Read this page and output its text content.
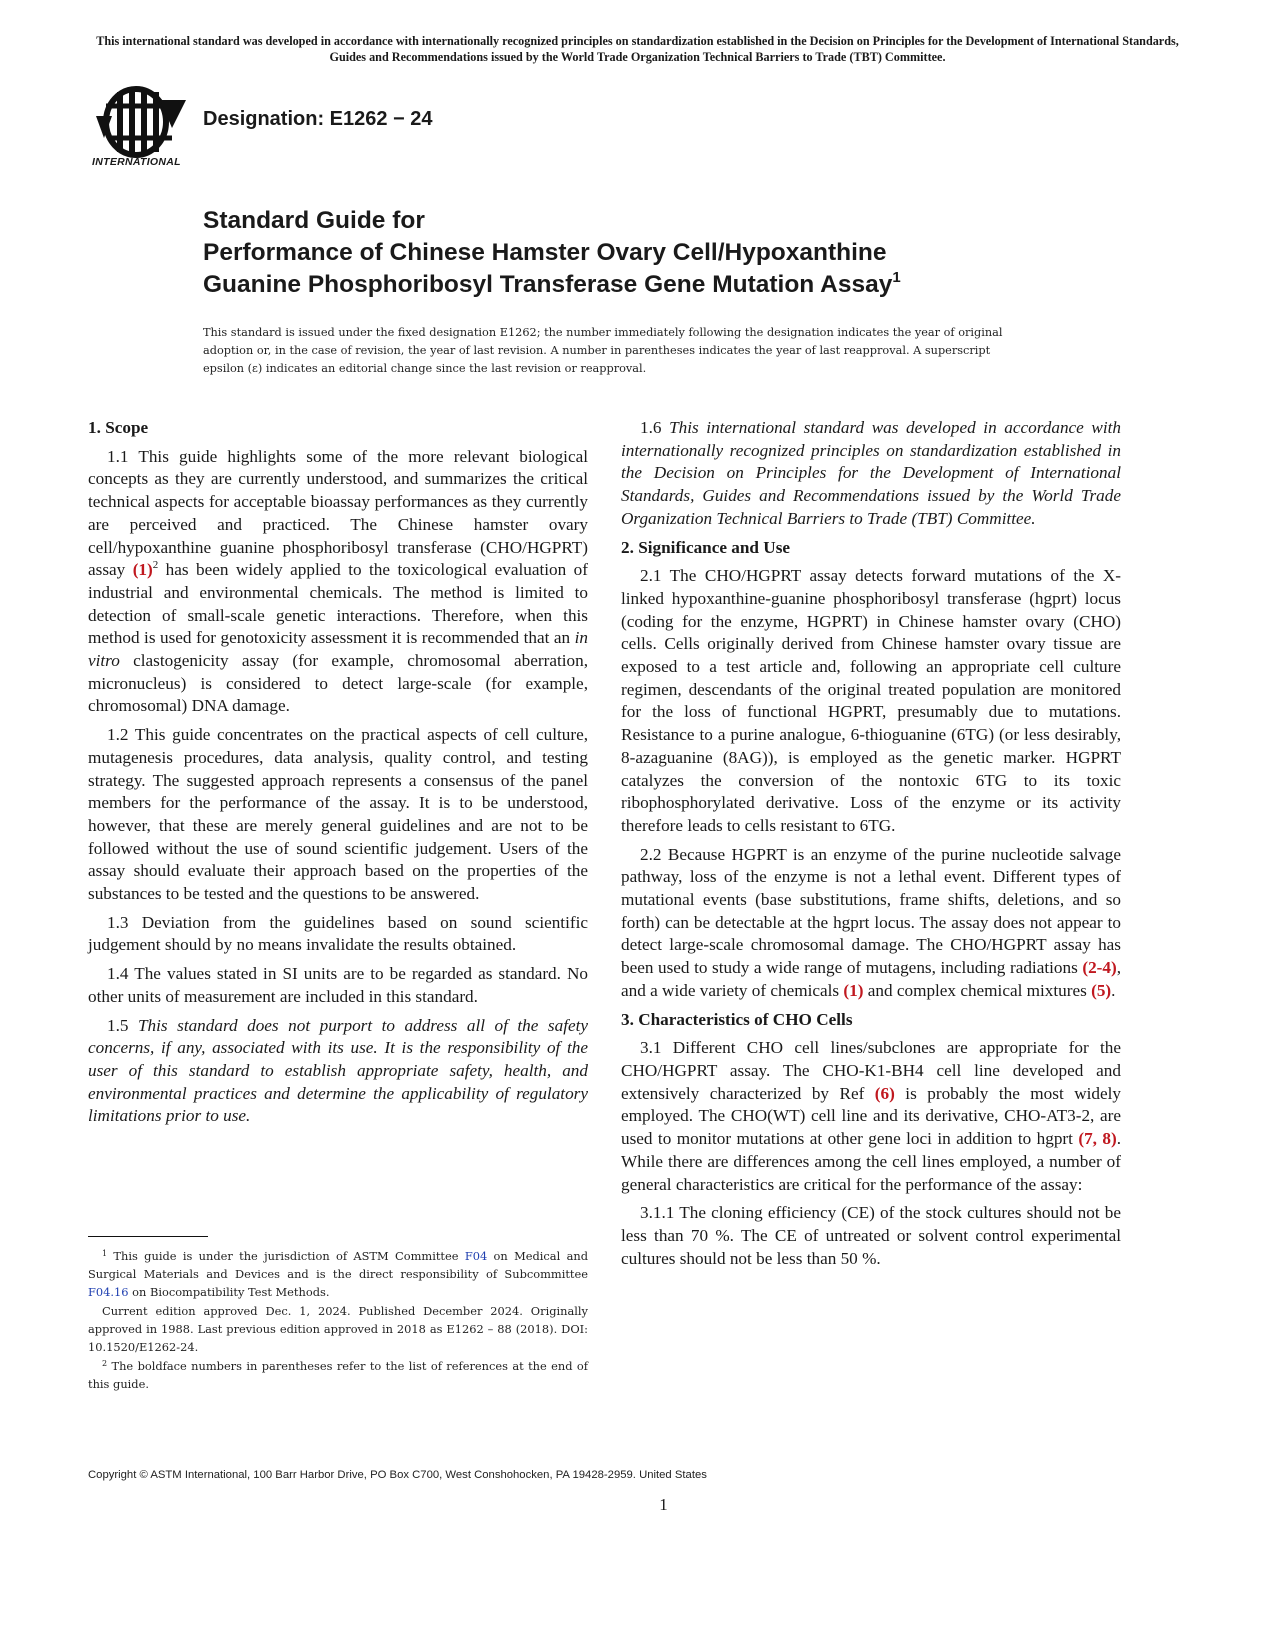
This international standard was developed in accordance with internationally recognized principles on standardization established in the Decision on Principles for the Development of International Standards, Guides and Recommendations issued by the World Trade Organization Technical Barriers to Trade (TBT) Committee.
INTERNATIONAL
Designation: E1262 − 24
Standard Guide for
Performance of Chinese Hamster Ovary Cell/Hypoxanthine
Guanine Phosphoribosyl Transferase Gene Mutation Assay$^1$
This standard is issued under the fixed designation E1262; the number immediately following the designation indicates the year of original adoption or, in the case of revision, the year of last revision. A number in parentheses indicates the year of last reapproval. A superscript epsilon (ε) indicates an editorial change since the last revision or reapproval.
1. Scope

1.1 This guide highlights some of the more relevant biological concepts as they are currently understood, and summarizes the critical technical aspects for acceptable bioassay performances as they currently are perceived and practiced. The Chinese hamster ovary cell/hypoxanthine guanine phosphoribosyl transferase (CHO/HGPRT) assay (1)$^2$ has been widely applied to the toxicological evaluation of industrial and environmental chemicals. The method is limited to detection of small-scale genetic interactions. Therefore, when this method is used for genotoxicity assessment it is recommended that an in vitro clastogenicity assay (for example, chromosomal aberration, micronucleus) is considered to detect large-scale (for example, chromosomal) DNA damage.

1.2 This guide concentrates on the practical aspects of cell culture, mutagenesis procedures, data analysis, quality control, and testing strategy. The suggested approach represents a consensus of the panel members for the performance of the assay. It is to be understood, however, that these are merely general guidelines and are not to be followed without the use of sound scientific judgement. Users of the assay should evaluate their approach based on the properties of the substances to be tested and the questions to be answered.

1.3 Deviation from the guidelines based on sound scientific judgement should by no means invalidate the results obtained.

1.4 The values stated in SI units are to be regarded as standard. No other units of measurement are included in this standard.

1.5 This standard does not purport to address all of the safety concerns, if any, associated with its use. It is the responsibility of the user of this standard to establish appropriate safety, health, and environmental practices and determine the applicability of regulatory limitations prior to use.

$^1$ This guide is under the jurisdiction of ASTM Committee F04 on Medical and Surgical Materials and Devices and is the direct responsibility of Subcommittee F04.16 on Biocompatibility Test Methods.

Current edition approved Dec. 1, 2024. Published December 2024. Originally approved in 1988. Last previous edition approved in 2018 as E1262 – 88 (2018). DOI: 10.1520/E1262-24.

$^2$ The boldface numbers in parentheses refer to the list of references at the end of this guide.

1.6 This international standard was developed in accordance with internationally recognized principles on standardization established in the Decision on Principles for the Development of International Standards, Guides and Recommendations issued by the World Trade Organization Technical Barriers to Trade (TBT) Committee.

2. Significance and Use

2.1 The CHO/HGPRT assay detects forward mutations of the X-linked hypoxanthine-guanine phosphoribosyl transferase (hgprt) locus (coding for the enzyme, HGPRT) in Chinese hamster ovary (CHO) cells. Cells originally derived from Chinese hamster ovary tissue are exposed to a test article and, following an appropriate cell culture regimen, descendants of the original treated population are monitored for the loss of functional HGPRT, presumably due to mutations. Resistance to a purine analogue, 6-thioguanine (6TG) (or less desirably, 8-azaguanine (8AG)), is employed as the genetic marker. HGPRT catalyzes the conversion of the nontoxic 6TG to its toxic ribophosphorylated derivative. Loss of the enzyme or its activity therefore leads to cells resistant to 6TG.

2.2 Because HGPRT is an enzyme of the purine nucleotide salvage pathway, loss of the enzyme is not a lethal event. Different types of mutational events (base substitutions, frame shifts, deletions, and so forth) can be detectable at the hgprt locus. The assay does not appear to detect large-scale chromosomal damage. The CHO/HGPRT assay has been used to study a wide range of mutagens, including radiations (2-4), and a wide variety of chemicals (1) and complex chemical mixtures (5).

3. Characteristics of CHO Cells

3.1 Different CHO cell lines/subclones are appropriate for the CHO/HGPRT assay. The CHO-K1-BH4 cell line developed and extensively characterized by Ref (6) is probably the most widely employed. The CHO(WT) cell line and its derivative, CHO-AT3-2, are used to monitor mutations at other gene loci in addition to hgprt (7, 8). While there are differences among the cell lines employed, a number of general characteristics are critical for the performance of the assay:

3.1.1 The cloning efficiency (CE) of the stock cultures should not be less than 70 %. The CE of untreated or solvent control experimental cultures should not be less than 50 %.

Copyright © ASTM International, 100 Barr Harbor Drive, PO Box C700, West Conshohocken, PA 19428-2959. United States
1
